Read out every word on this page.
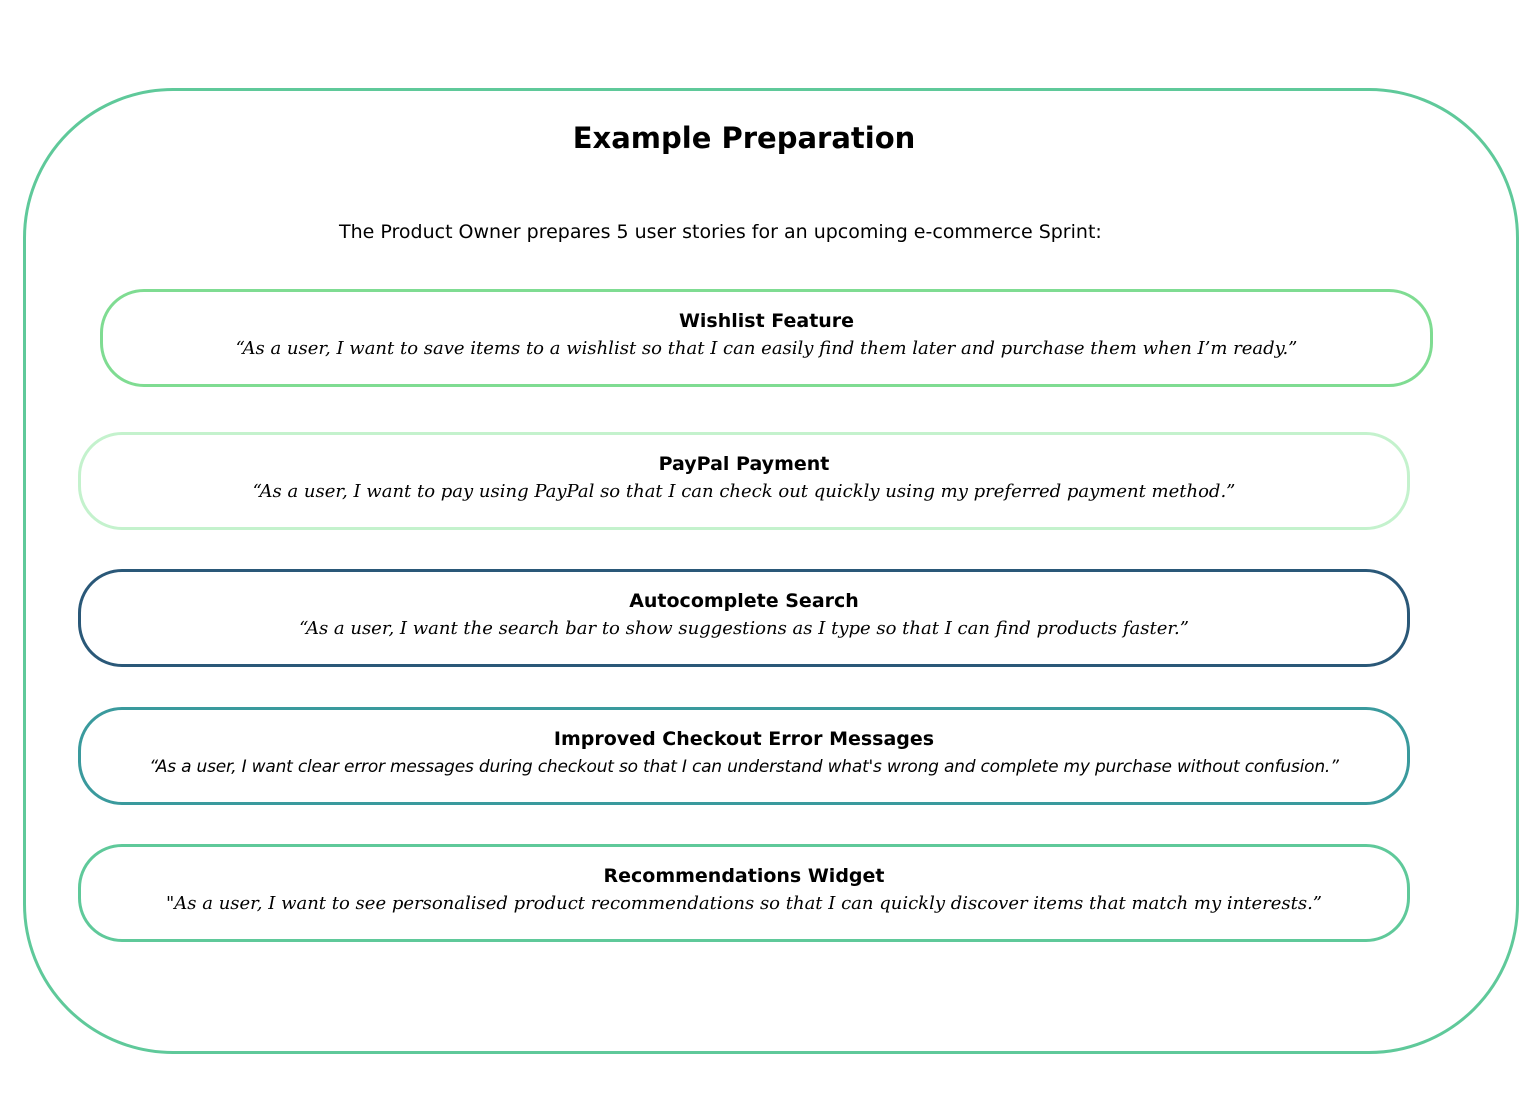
Example Preparation
The Product Owner prepares 5 user stories for an upcoming e-commerce Sprint:
Wishlist Feature
“As a user, I want to save items to a wishlist so that I can easily find them later and purchase them when I’m ready.”
PayPal Payment
“As a user, I want to pay using PayPal so that I can check out quickly using my preferred payment method.”
Autocomplete Search
“As a user, I want the search bar to show suggestions as I type so that I can find products faster.”
Improved Checkout Error Messages
“As a user, I want clear error messages during checkout so that I can understand what's wrong and complete my purchase without confusion.”
Recommendations Widget
"As a user, I want to see personalised product recommendations so that I can quickly discover items that match my interests.”
